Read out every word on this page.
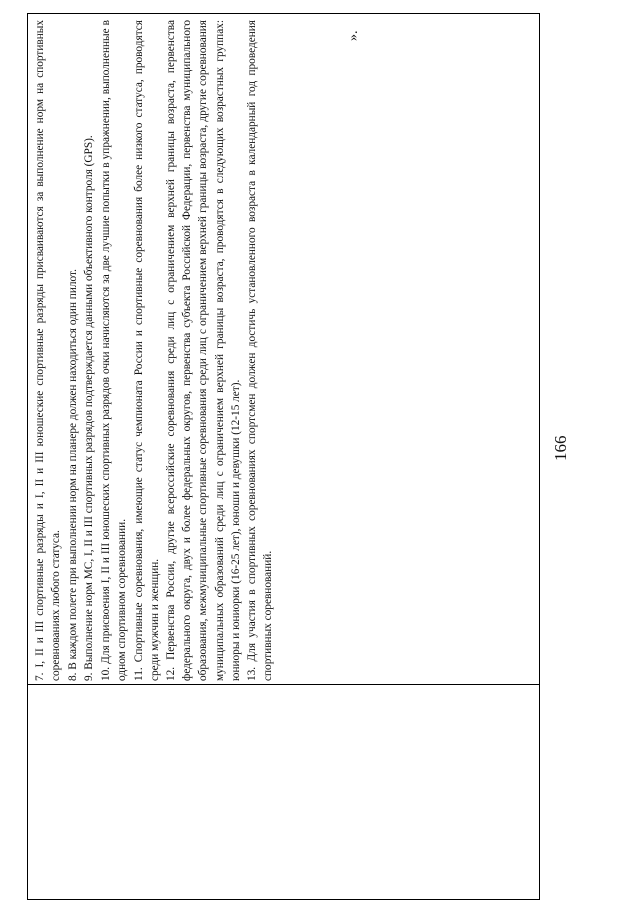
166
».

7. I, II и III спортивные разряды и I, II и III юношеские спортивные разряды присваиваются за выполнение норм на спортивных соревнованиях любого статуса. 8. В каждом полете при выполнении норм на планере должен находиться один пилот. 9. Выполнение норм МС, I, II и III спортивных разрядов подтверждается данными объективного контроля (GPS). 10. Для присвоения I, II и III юношеских спортивных разрядов очки начисляются за две лучшие попытки в упражнении, выполненные в одном спортивном соревновании. 11. Спортивные соревнования, имеющие статус чемпионата России и спортивные соревнования более низкого статуса, проводятся среди мужчин и женщин. 12. Первенства России, другие всероссийские соревнования среди лиц с ограничением верхней границы возраста, первенства федерального округа, двух и более федеральных округов, первенства субъекта Российской Федерации, первенства муниципального образования, межмуниципальные спортивные соревнования среди лиц с ограничением верхней границы возраста, другие соревнования муниципальных образований среди лиц с ограничением верхней границы возраста, проводятся в следующих возрастных группах: юниоры и юниорки (16-25 лет), юноши и девушки (12-15 лет). 13. Для участия в спортивных соревнованиях спортсмен должен достичь установленного возраста в календарный год проведения спортивных соревнований.
